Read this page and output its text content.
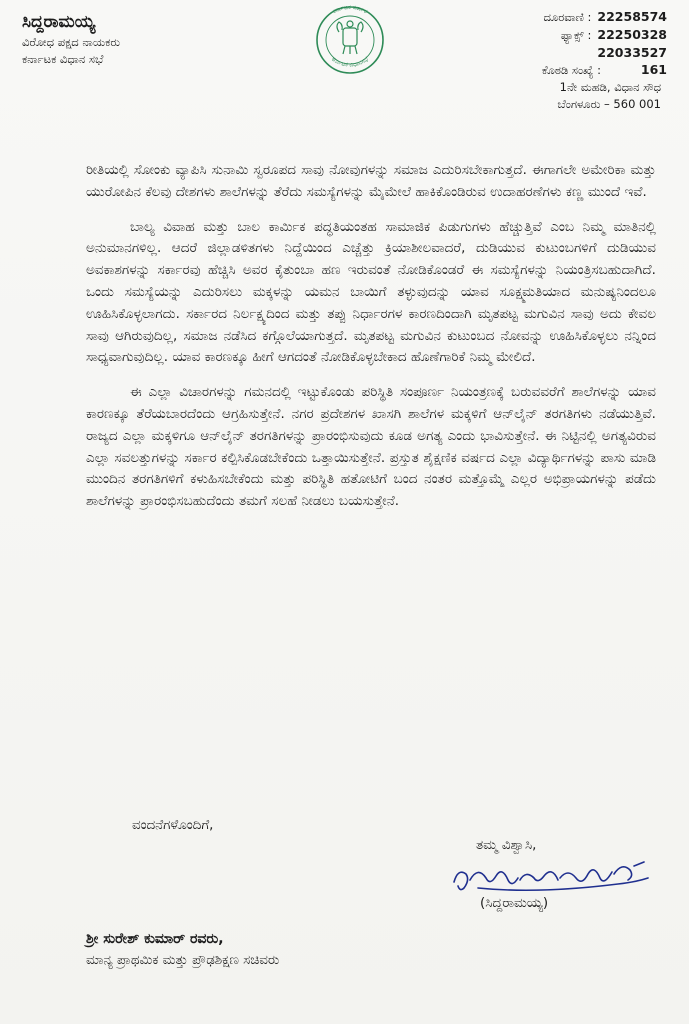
ಸಿದ್ದರಾಮಯ್ಯ

ವಿರೋಧ ಪಕ್ಷದ ನಾಯಕರು

ಕರ್ನಾಟಕ ವಿಧಾನ ಸಭೆ

ಕರ್ನಾಟಕ ಸರ್ಕಾರ
ಕರ್ನಾಟಕ ವಿಧಾನಸಭೆ
ದೂರವಾಣಿ : 22258574
ಫ್ಯಾಕ್ಸ್ : 22250328
22033527
ಕೊಠಡಿ ಸಂಖ್ಯೆ :	161
1ನೇ ಮಹಡಿ, ವಿಧಾನ ಸೌಧ
ಬೆಂಗಳೂರು – 560 001

ರೀತಿಯಲ್ಲಿ ಸೋಂಕು ವ್ಯಾಪಿಸಿ ಸುನಾಮಿ ಸ್ವರೂಪದ ಸಾವು ನೋವುಗಳನ್ನು ಸಮಾಜ ಎದುರಿಸಬೇಕಾಗುತ್ತದೆ. ಈಗಾಗಲೇ ಅಮೇರಿಕಾ ಮತ್ತು ಯುರೋಪಿನ ಕೆಲವು ದೇಶಗಳು ಶಾಲೆಗಳನ್ನು ತೆರೆದು ಸಮಸ್ಯೆಗಳನ್ನು ಮೈಮೇಲೆ ಹಾಕಿಕೊಂಡಿರುವ ಉದಾಹರಣೆಗಳು ಕಣ್ಣ ಮುಂದೆ ಇವೆ.

ಬಾಲ್ಯ ವಿವಾಹ ಮತ್ತು ಬಾಲ ಕಾರ್ಮಿಕ ಪದ್ಧತಿಯಂತಹ ಸಾಮಾಜಿಕ ಪಿಡುಗುಗಳು ಹೆಚ್ಚುತ್ತಿವೆ ಎಂಬ ನಿಮ್ಮ ಮಾತಿನಲ್ಲಿ ಅನುಮಾನಗಳಿಲ್ಲ. ಆದರೆ ಜಿಲ್ಲಾಡಳಿತಗಳು ನಿದ್ದೆಯಿಂದ ಎಚ್ಚೆತ್ತು ಕ್ರಿಯಾಶೀಲವಾದರೆ, ದುಡಿಯುವ ಕುಟುಂಬಗಳಿಗೆ ದುಡಿಯುವ ಅವಕಾಶಗಳನ್ನು ಸರ್ಕಾರವು ಹೆಚ್ಚಿಸಿ ಅವರ ಕೈತುಂಬಾ ಹಣ ಇರುವಂತೆ ನೋಡಿಕೊಂಡರೆ ಈ ಸಮಸ್ಯೆಗಳನ್ನು ನಿಯಂತ್ರಿಸಬಹುದಾಗಿದೆ. ಒಂದು ಸಮಸ್ಯೆಯನ್ನು ಎದುರಿಸಲು ಮಕ್ಕಳನ್ನು ಯಮನ ಬಾಯಿಗೆ ತಳ್ಳುವುದನ್ನು ಯಾವ ಸೂಕ್ಷ್ಮಮತಿಯಾದ ಮನುಷ್ಯನಿಂದಲೂ ಊಹಿಸಿಕೊಳ್ಳಲಾಗದು. ಸರ್ಕಾರದ ನಿರ್ಲಕ್ಷ್ಯದಿಂದ ಮತ್ತು ತಪ್ಪು ನಿರ್ಧಾರಗಳ ಕಾರಣದಿಂದಾಗಿ ಮೃತಪಟ್ಟ ಮಗುವಿನ ಸಾವು ಅದು ಕೇವಲ ಸಾವು ಆಗಿರುವುದಿಲ್ಲ, ಸಮಾಜ ನಡೆಸಿದ ಕಗ್ಗೊಲೆಯಾಗುತ್ತದೆ. ಮೃತಪಟ್ಟ ಮಗುವಿನ ಕುಟುಂಬದ ನೋವನ್ನು ಊಹಿಸಿಕೊಳ್ಳಲು ನನ್ನಿಂದ ಸಾಧ್ಯವಾಗುವುದಿಲ್ಲ. ಯಾವ ಕಾರಣಕ್ಕೂ ಹೀಗೆ ಆಗದಂತೆ ನೋಡಿಕೊಳ್ಳಬೇಕಾದ ಹೊಣೆಗಾರಿಕೆ ನಿಮ್ಮ ಮೇಲಿದೆ.

ಈ ಎಲ್ಲಾ ವಿಚಾರಗಳನ್ನು ಗಮನದಲ್ಲಿ ಇಟ್ಟುಕೊಂಡು ಪರಿಸ್ಥಿತಿ ಸಂಪೂರ್ಣ ನಿಯಂತ್ರಣಕ್ಕೆ ಬರುವವರೆಗೆ ಶಾಲೆಗಳನ್ನು ಯಾವ ಕಾರಣಕ್ಕೂ ತೆರೆಯಬಾರದೆಂದು ಆಗ್ರಹಿಸುತ್ತೇನೆ. ನಗರ ಪ್ರದೇಶಗಳ ಖಾಸಗಿ ಶಾಲೆಗಳ ಮಕ್ಕಳಿಗೆ ಆನ್‌ಲೈನ್ ತರಗತಿಗಳು ನಡೆಯುತ್ತಿವೆ. ರಾಜ್ಯದ ಎಲ್ಲಾ ಮಕ್ಕಳಿಗೂ ಆನ್‌ಲೈನ್ ತರಗತಿಗಳನ್ನು ಪ್ರಾರಂಭಿಸುವುದು ಕೂಡ ಅಗತ್ಯ ಎಂದು ಭಾವಿಸುತ್ತೇನೆ. ಈ ನಿಟ್ಟಿನಲ್ಲಿ ಅಗತ್ಯವಿರುವ ಎಲ್ಲಾ ಸವಲತ್ತುಗಳನ್ನು ಸರ್ಕಾರ ಕಲ್ಪಿಸಿಕೊಡಬೇಕೆಂದು ಒತ್ತಾಯಿಸುತ್ತೇನೆ. ಪ್ರಸ್ತುತ ಶೈಕ್ಷಣಿಕ ವರ್ಷದ ಎಲ್ಲಾ ವಿದ್ಯಾರ್ಥಿಗಳನ್ನು ಪಾಸು ಮಾಡಿ ಮುಂದಿನ ತರಗತಿಗಳಿಗೆ ಕಳುಹಿಸಬೇಕೆಂದು ಮತ್ತು ಪರಿಸ್ಥಿತಿ ಹತೋಟಿಗೆ ಬಂದ ನಂತರ ಮತ್ತೊಮ್ಮೆ ಎಲ್ಲರ ಅಭಿಪ್ರಾಯಗಳನ್ನು ಪಡೆದು ಶಾಲೆಗಳನ್ನು ಪ್ರಾರಂಭಿಸಬಹುದೆಂದು ತಮಗೆ ಸಲಹೆ ನೀಡಲು ಬಯಸುತ್ತೇನೆ.

ವಂದನೆಗಳೊಂದಿಗೆ,
ತಮ್ಮ ವಿಶ್ವಾಸಿ,
(ಸಿದ್ದರಾಮಯ್ಯ)

ಶ್ರೀ ಸುರೇಶ್ ಕುಮಾರ್ ರವರು,

ಮಾನ್ಯ ಪ್ರಾಥಮಿಕ ಮತ್ತು ಪ್ರೌಢಶಿಕ್ಷಣ ಸಚಿವರು
